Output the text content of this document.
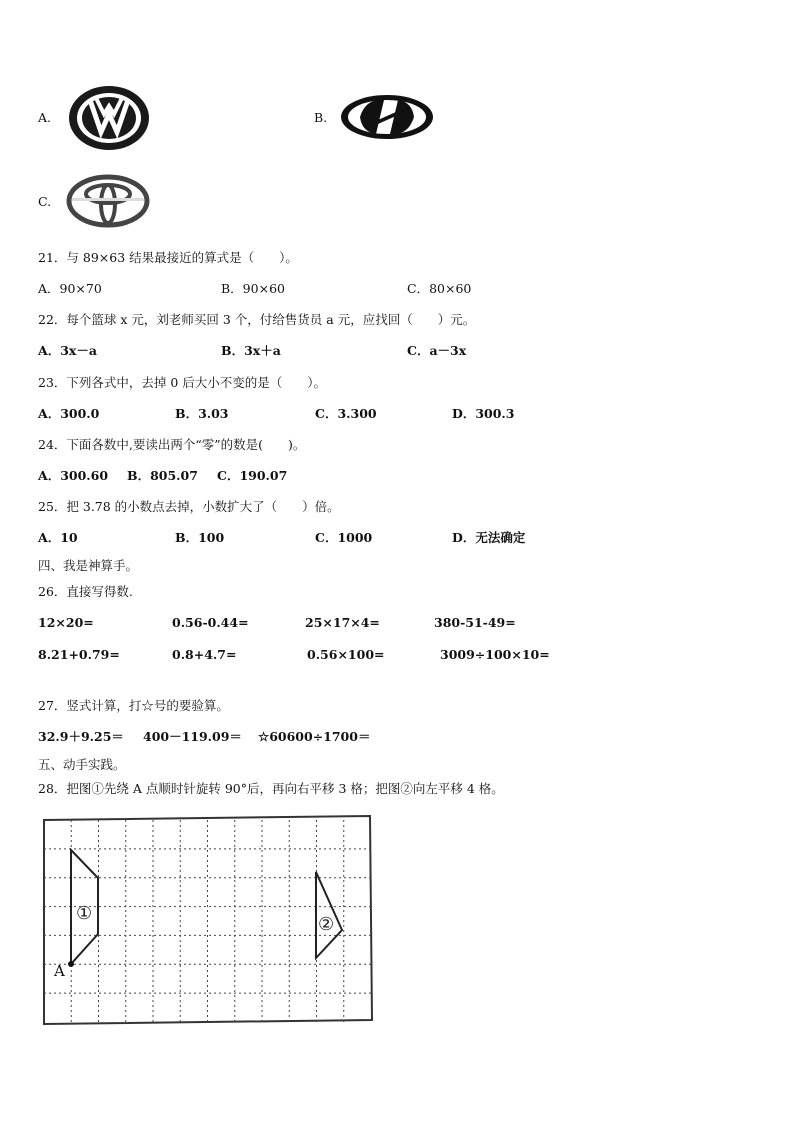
A.	B.
C.
21．与 89×63 结果最接近的算式是（　　）。
A．90×70	B．90×60	C．80×60
22．每个篮球 x 元，刘老师买回 3 个，付给售货员 a 元，应找回（　　）元。
A．3x－a	B．3x＋a	C．a－3x
23．下列各式中，去掉 0 后大小不变的是（　　）。
A．300.0	B．3.03	C．3.300	D．300.3
24．下面各数中,要读出两个“零”的数是(　　)。
A．300.60 B．805.07 C．190.07
25．把 3.78 的小数点去掉，小数扩大了（　　）倍。
A．10	B．100	C．1000	D．无法确定
四、我是神算手。
26．直接写得数.
12×20=	0.56-0.44=	25×17×4=	380-51-49=
8.21+0.79=	0.8+4.7=	0.56×100=	3009÷100×10=
27．竖式计算，打☆号的要验算。
32.9＋9.25＝ 400－119.09＝ ☆60600÷1700＝
五、动手实践。
28．把图①先绕 A 点顺时针旋转 90°后，再向右平移 3 格；把图②向左平移 4 格。
①
②
A
